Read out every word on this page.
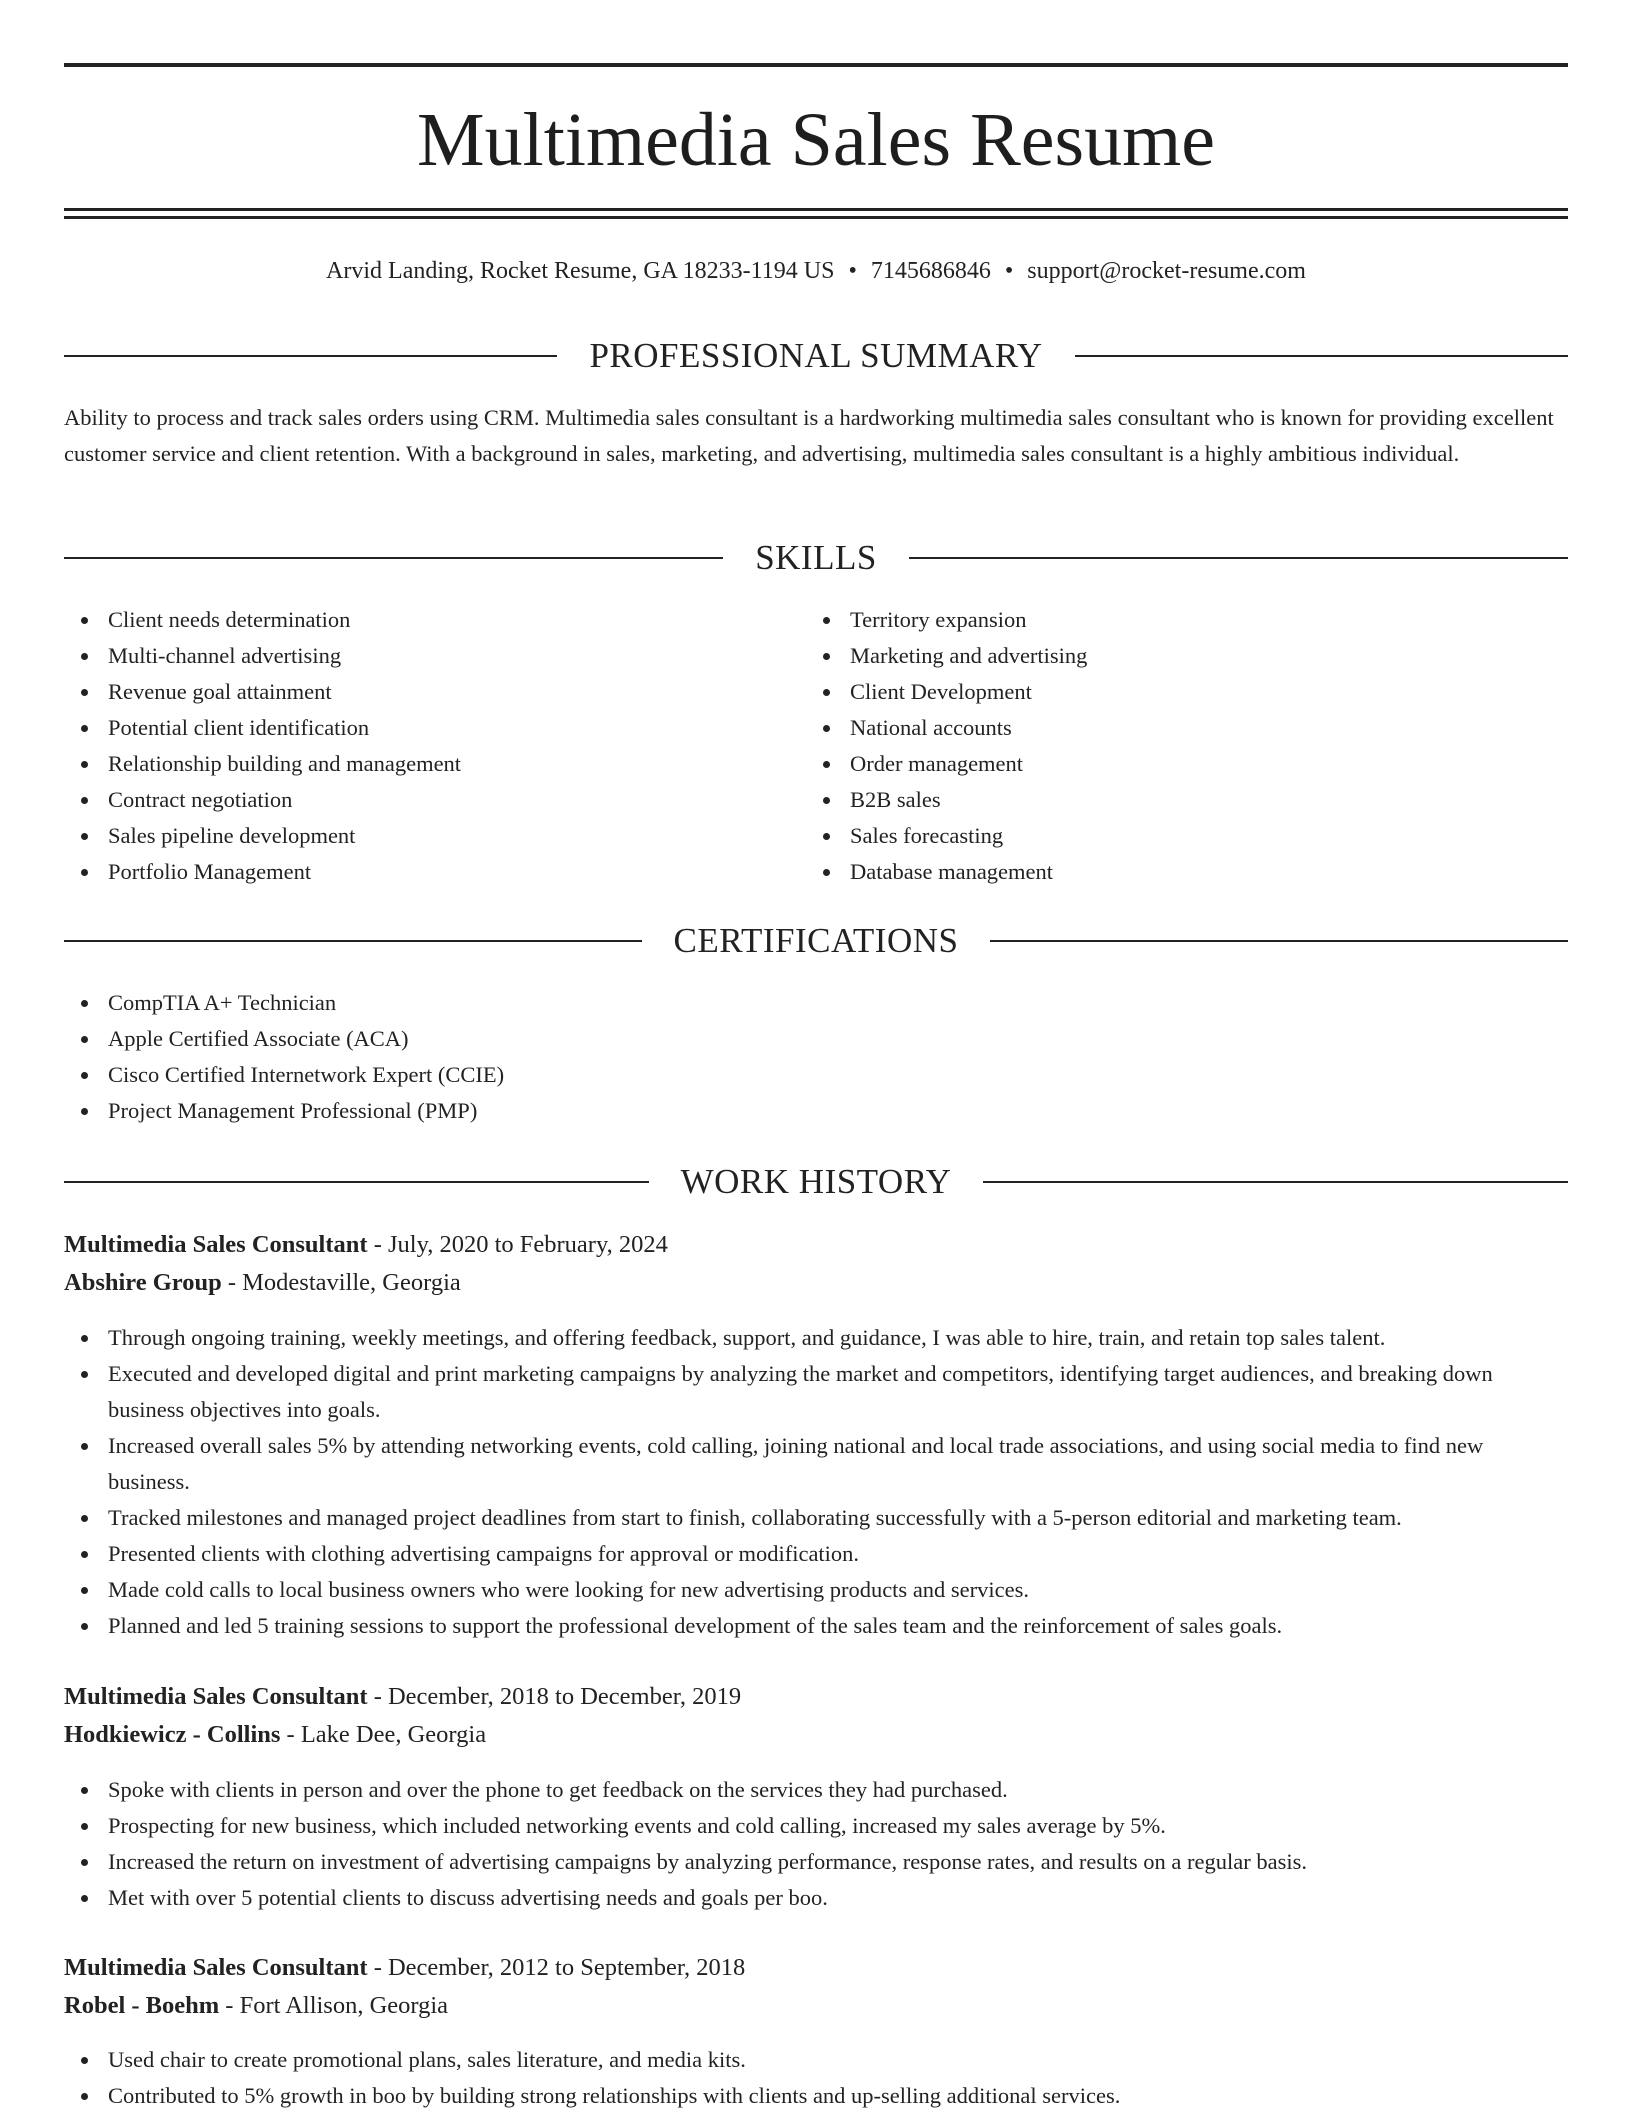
Multimedia Sales Resume
Arvid Landing, Rocket Resume, GA 18233-1194 US • 7145686846 • support@rocket-resume.com
PROFESSIONAL SUMMARY

Ability to process and track sales orders using CRM. Multimedia sales consultant is a hardworking multimedia sales consultant who is known for providing excellent customer service and client retention. With a background in sales, marketing, and advertising, multimedia sales consultant is a highly ambitious individual.

SKILLS
Client needs determination
Multi-channel advertising
Revenue goal attainment
Potential client identification
Relationship building and management
Contract negotiation
Sales pipeline development
Portfolio Management
Territory expansion
Marketing and advertising
Client Development
National accounts
Order management
B2B sales
Sales forecasting
Database management
CERTIFICATIONS
CompTIA A+ Technician
Apple Certified Associate (ACA)
Cisco Certified Internetwork Expert (CCIE)
Project Management Professional (PMP)
WORK HISTORY
Multimedia Sales Consultant - July, 2020 to February, 2024
Abshire Group - Modestaville, Georgia
Through ongoing training, weekly meetings, and offering feedback, support, and guidance, I was able to hire, train, and retain top sales talent.
Executed and developed digital and print marketing campaigns by analyzing the market and competitors, identifying target audiences, and breaking down business objectives into goals.
Increased overall sales 5% by attending networking events, cold calling, joining national and local trade associations, and using social media to find new business.
Tracked milestones and managed project deadlines from start to finish, collaborating successfully with a 5-person editorial and marketing team.
Presented clients with clothing advertising campaigns for approval or modification.
Made cold calls to local business owners who were looking for new advertising products and services.
Planned and led 5 training sessions to support the professional development of the sales team and the reinforcement of sales goals.
Multimedia Sales Consultant - December, 2018 to December, 2019
Hodkiewicz - Collins - Lake Dee, Georgia
Spoke with clients in person and over the phone to get feedback on the services they had purchased.
Prospecting for new business, which included networking events and cold calling, increased my sales average by 5%.
Increased the return on investment of advertising campaigns by analyzing performance, response rates, and results on a regular basis.
Met with over 5 potential clients to discuss advertising needs and goals per boo.
Multimedia Sales Consultant - December, 2012 to September, 2018
Robel - Boehm - Fort Allison, Georgia
Used chair to create promotional plans, sales literature, and media kits.
Contributed to 5% growth in boo by building strong relationships with clients and up-selling additional services.
